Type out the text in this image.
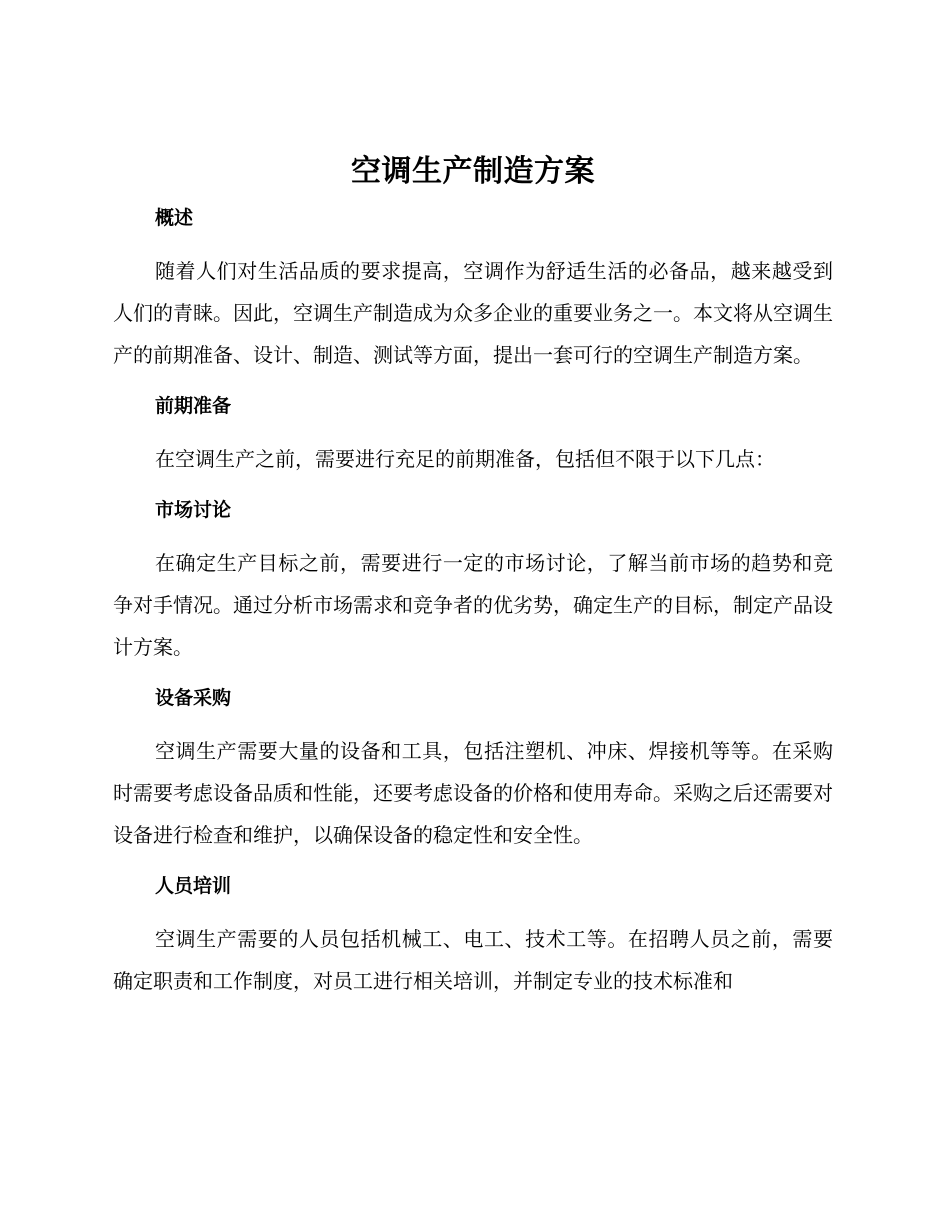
空调生产制造方案
概述

随着人们对生活品质的要求提高，空调作为舒适生活的必备品，越来越受到人们的青睐。因此，空调生产制造成为众多企业的重要业务之一。本文将从空调生产的前期准备、设计、制造、测试等方面，提出一套可行的空调生产制造方案。

前期准备

在空调生产之前，需要进行充足的前期准备，包括但不限于以下几点：

市场讨论

在确定生产目标之前，需要进行一定的市场讨论，了解当前市场的趋势和竞争对手情况。通过分析市场需求和竞争者的优劣势，确定生产的目标，制定产品设计方案。

设备采购

空调生产需要大量的设备和工具，包括注塑机、冲床、焊接机等等。在采购时需要考虑设备品质和性能，还要考虑设备的价格和使用寿命。采购之后还需要对设备进行检查和维护，以确保设备的稳定性和安全性。

人员培训

空调生产需要的人员包括机械工、电工、技术工等。在招聘人员之前，需要确定职责和工作制度，对员工进行相关培训，并制定专业的技术标准和
